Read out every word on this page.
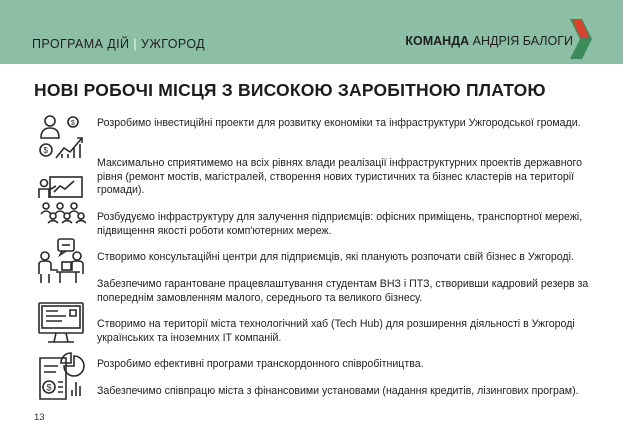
ПРОГРАМА ДІЙ | УЖГОРОД	КОМАНДА АНДРІЯ БАЛОГИ
НОВІ РОБОЧІ МІСЦЯ З ВИСОКОЮ ЗАРОБІТНОЮ ПЛАТОЮ
$
$
$
Розробимо інвестиційні проекти для розвитку економіки та інфраструктури Ужгородської громади.
Максимально сприятимемо на всіх рівнях влади реалізації інфраструктурних проектів державного рівня (ремонт мостів, магістралей, створення нових туристичних та бізнес кластерів на території громади).
Розбудуємо інфраструктуру для залучення підприємців: офісних приміщень, транспортної мережі, підвищення якості роботи комп'ютерних мереж.
Створимо консультаційні центри для підприємців, які планують розпочати свій бізнес в Ужгороді.
Забезпечимо гарантоване працевлаштування студентам ВНЗ і ПТЗ, створивши кадровий резерв за попереднім замовленням малого, середнього та великого бізнесу.
Створимо на території міста технологічний хаб (Tech Hub) для розширення діяльності в Ужгороді українських та іноземних IT компаній.
Розробимо ефективні програми транскордонного співробітництва.
Забезпечимо співпрацю міста з фінансовими установами (надання кредитів, лізингових програм).
13
